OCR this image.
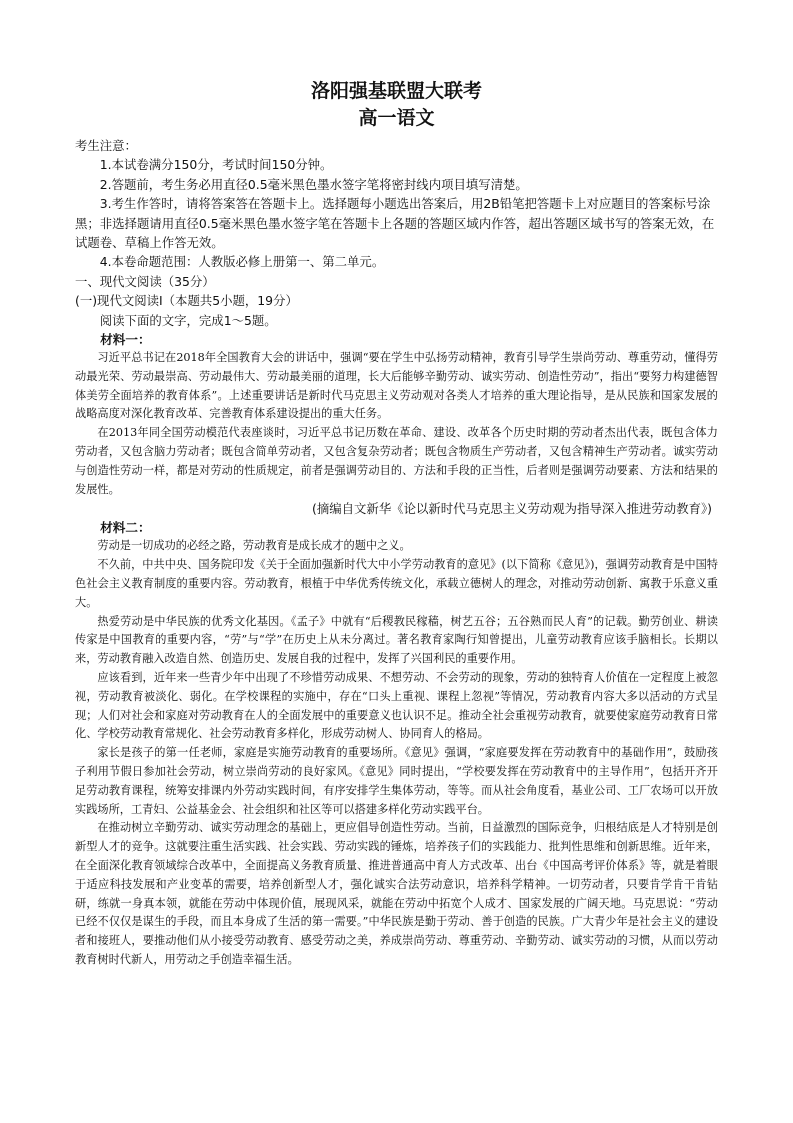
洛阳强基联盟大联考
高一语文

考生注意：

1.本试卷满分150分，考试时间150分钟。

2.答题前，考生务必用直径0.5毫米黑色墨水签字笔将密封线内项目填写清楚。

3.考生作答时，请将答案答在答题卡上。选择题每小题选出答案后，用2B铅笔把答题卡上对应题目的答案标号涂黑；非选择题请用直径0.5毫米黑色墨水签字笔在答题卡上各题的答题区域内作答，超出答题区域书写的答案无效，在试题卷、草稿上作答无效。

4.本卷命题范围：人教版必修上册第一、第二单元。

一、现代文阅读（35分）

(一)现代文阅读Ⅰ（本题共5小题，19分）

阅读下面的文字，完成1～5题。

材料一：

习近平总书记在2018年全国教育大会的讲话中，强调“要在学生中弘扬劳动精神，教育引导学生崇尚劳动、尊重劳动，懂得劳动最光荣、劳动最崇高、劳动最伟大、劳动最美丽的道理，长大后能够辛勤劳动、诚实劳动、创造性劳动”，指出“要努力构建德智体美劳全面培养的教育体系”。上述重要讲话是新时代马克思主义劳动观对各类人才培养的重大理论指导，是从民族和国家发展的战略高度对深化教育改革、完善教育体系建设提出的重大任务。

在2013年同全国劳动模范代表座谈时，习近平总书记历数在革命、建设、改革各个历史时期的劳动者杰出代表，既包含体力劳动者，又包含脑力劳动者；既包含简单劳动者，又包含复杂劳动者；既包含物质生产劳动者，又包含精神生产劳动者。诚实劳动与创造性劳动一样，都是对劳动的性质规定，前者是强调劳动目的、方法和手段的正当性，后者则是强调劳动要素、方法和结果的发展性。

(摘编自文新华《论以新时代马克思主义劳动观为指导深入推进劳动教育》)

材料二：

劳动是一切成功的必经之路，劳动教育是成长成才的题中之义。

不久前，中共中央、国务院印发《关于全面加强新时代大中小学劳动教育的意见》(以下简称《意见》)，强调劳动教育是中国特色社会主义教育制度的重要内容。劳动教育，根植于中华优秀传统文化，承载立德树人的理念，对推动劳动创新、寓教于乐意义重大。

热爱劳动是中华民族的优秀文化基因。《孟子》中就有“后稷教民稼穑，树艺五谷；五谷熟而民人育”的记载。勤劳创业、耕读传家是中国教育的重要内容，“劳”与“学”在历史上从未分离过。著名教育家陶行知曾提出，儿童劳动教育应该手脑相长。长期以来，劳动教育融入改造自然、创造历史、发展自我的过程中，发挥了兴国利民的重要作用。

应该看到，近年来一些青少年中出现了不珍惜劳动成果、不想劳动、不会劳动的现象，劳动的独特育人价值在一定程度上被忽视，劳动教育被淡化、弱化。在学校课程的实施中，存在“口头上重视、课程上忽视”等情况，劳动教育内容大多以活动的方式呈现；人们对社会和家庭对劳动教育在人的全面发展中的重要意义也认识不足。推动全社会重视劳动教育，就要使家庭劳动教育日常化、学校劳动教育常规化、社会劳动教育多样化，形成劳动树人、协同育人的格局。

家长是孩子的第一任老师，家庭是实施劳动教育的重要场所。《意见》强调，“家庭要发挥在劳动教育中的基础作用”，鼓励孩子利用节假日参加社会劳动，树立崇尚劳动的良好家风。《意见》同时提出，“学校要发挥在劳动教育中的主导作用”，包括开齐开足劳动教育课程，统筹安排课内外劳动实践时间，有序安排学生集体劳动，等等。而从社会角度看，基业公司、工厂农场可以开放实践场所，工青妇、公益基金会、社会组织和社区等可以搭建多样化劳动实践平台。

在推动树立辛勤劳动、诚实劳动理念的基础上，更应倡导创造性劳动。当前，日益激烈的国际竞争，归根结底是人才特别是创新型人才的竞争。这就要注重生活实践、社会实践、劳动实践的锤炼，培养孩子们的实践能力、批判性思维和创新思维。近年来，在全面深化教育领域综合改革中，全面提高义务教育质量、推进普通高中育人方式改革、出台《中国高考评价体系》等，就是着眼于适应科技发展和产业变革的需要，培养创新型人才，强化诚实合法劳动意识，培养科学精神。一切劳动者，只要肯学肯干肯钻研，练就一身真本领，就能在劳动中体现价值，展现风采，就能在劳动中拓宽个人成才、国家发展的广阔天地。马克思说：“劳动已经不仅仅是谋生的手段，而且本身成了生活的第一需要。”中华民族是勤于劳动、善于创造的民族。广大青少年是社会主义的建设者和接班人，要推动他们从小接受劳动教育、感受劳动之美，养成崇尚劳动、尊重劳动、辛勤劳动、诚实劳动的习惯，从而以劳动教育树时代新人，用劳动之手创造幸福生活。
